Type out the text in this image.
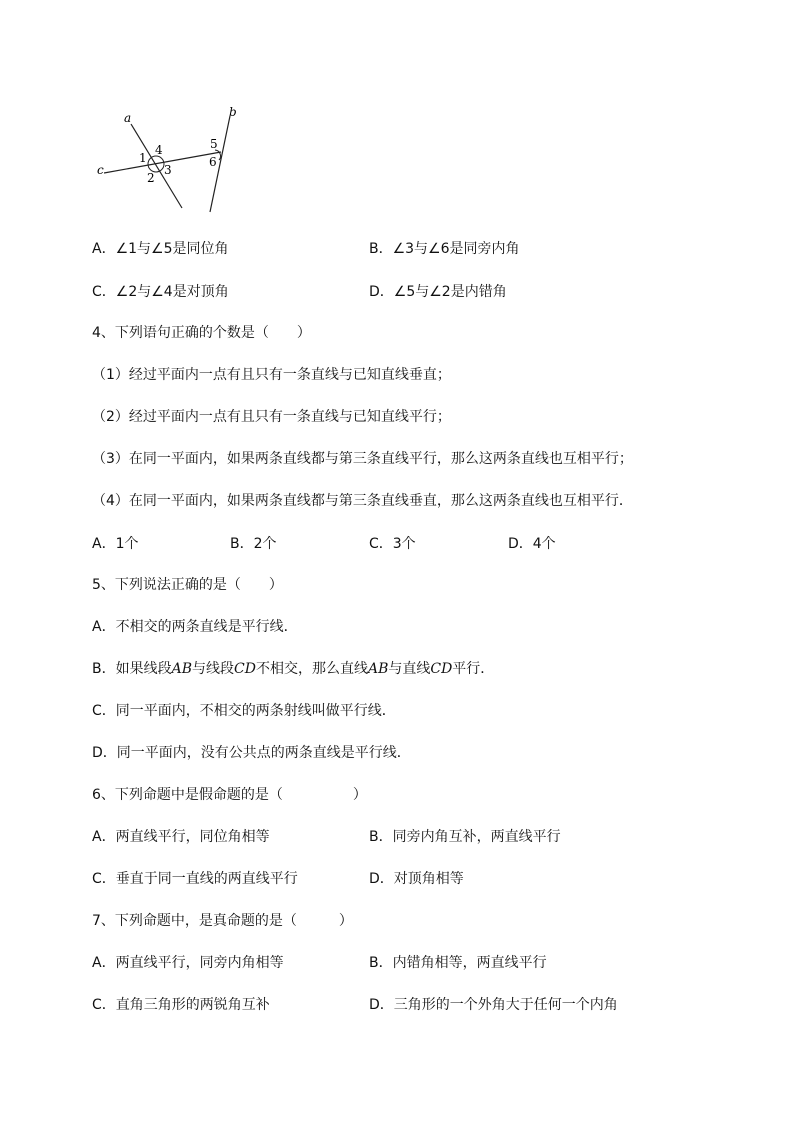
a	b
c
1
2
3
4	5
6
A．∠1与∠5是同位角	B．∠3与∠6是同旁内角
C．∠2与∠4是对顶角	D．∠5与∠2是内错角
4、下列语句正确的个数是（　　）
（1）经过平面内一点有且只有一条直线与已知直线垂直；
（2）经过平面内一点有且只有一条直线与已知直线平行；
（3）在同一平面内，如果两条直线都与第三条直线平行，那么这两条直线也互相平行；
（4）在同一平面内，如果两条直线都与第三条直线垂直，那么这两条直线也互相平行．
A．1个	B．2个	C．3个	D．4个
5、下列说法正确的是（　　）
A．不相交的两条直线是平行线．
B．如果线段AB与线段CD不相交，那么直线AB与直线CD平行．
C．同一平面内，不相交的两条射线叫做平行线．
D．同一平面内，没有公共点的两条直线是平行线．
6、下列命题中是假命题的是（　　　　　）
A．两直线平行，同位角相等	B．同旁内角互补，两直线平行
C．垂直于同一直线的两直线平行	D．对顶角相等
7、下列命题中，是真命题的是（　　　）
A．两直线平行，同旁内角相等	B．内错角相等，两直线平行
C．直角三角形的两锐角互补	D．三角形的一个外角大于任何一个内角
